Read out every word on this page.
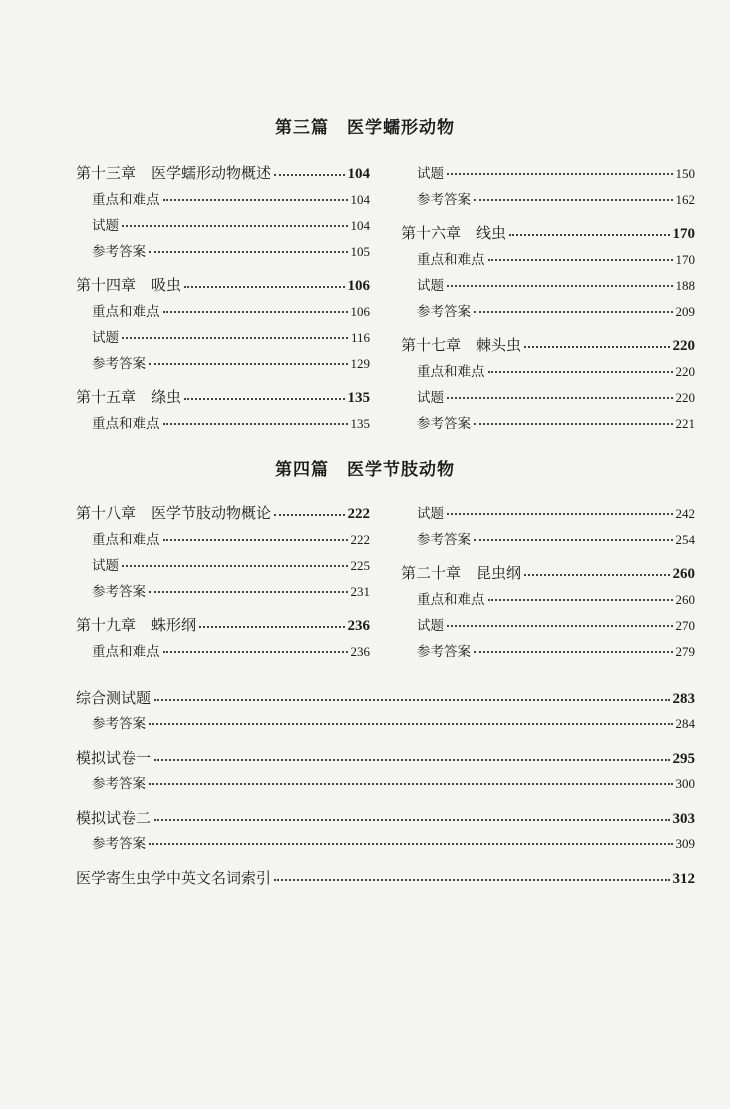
第三篇　医学蠕形动物
第四篇　医学节肢动物
第十三章　医学蠕形动物概述	104
重点和难点	104
试题	104
参考答案	105
第十四章　吸虫	106
重点和难点	106
试题	116
参考答案	129
第十五章　绦虫	135
重点和难点	135
试题	150
参考答案	162
第十六章　线虫	170
重点和难点	170
试题	188
参考答案	209
第十七章　棘头虫	220
重点和难点	220
试题	220
参考答案	221
第十八章　医学节肢动物概论	222
重点和难点	222
试题	225
参考答案	231
第十九章　蛛形纲	236
重点和难点	236
试题	242
参考答案	254
第二十章　昆虫纲	260
重点和难点	260
试题	270
参考答案	279
综合测试题	283
参考答案	284
模拟试卷一	295
参考答案	300
模拟试卷二	303
参考答案	309
医学寄生虫学中英文名词索引	312
